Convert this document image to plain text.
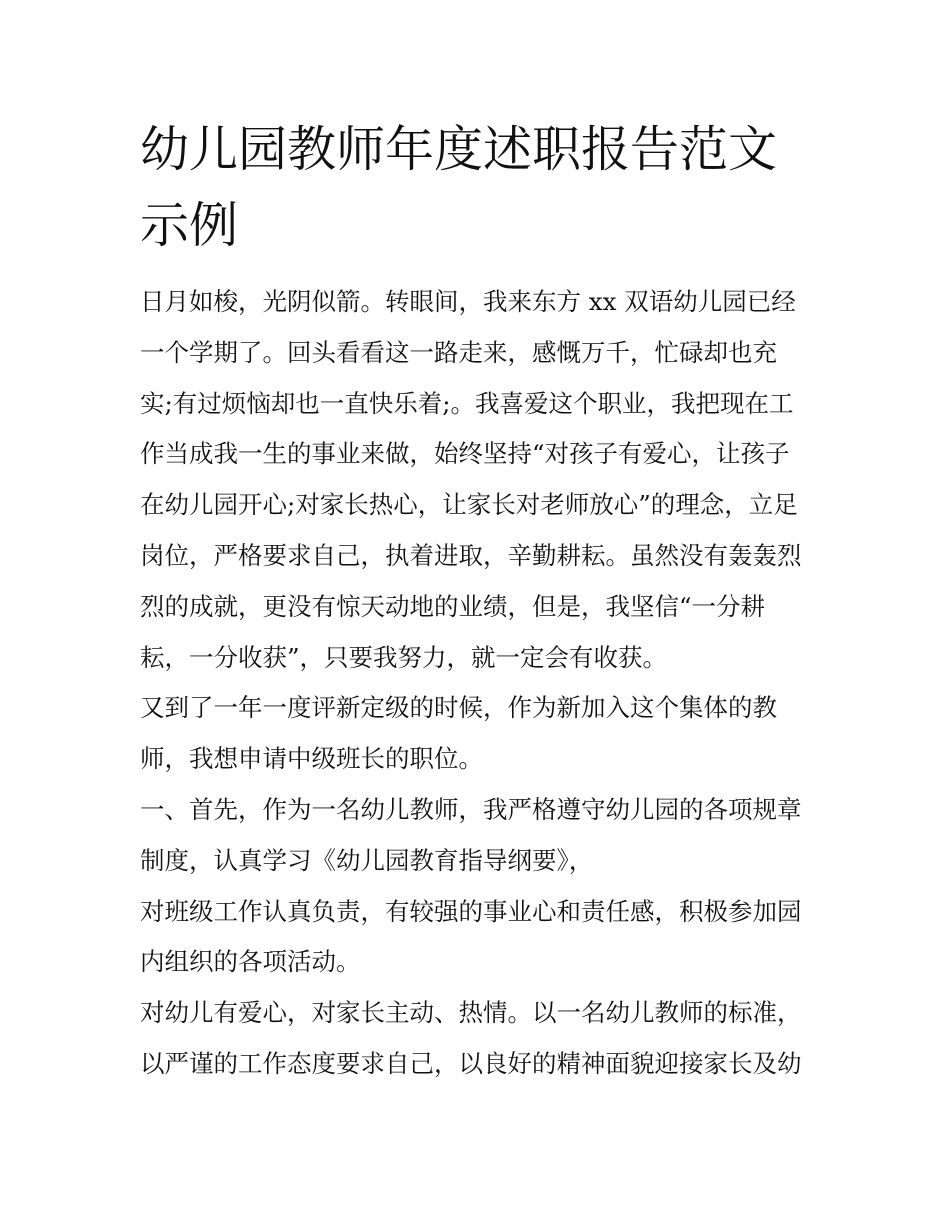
幼儿园教师年度述职报告范文
示例

日月如梭，光阴似箭。转眼间，我来东方 xx 双语幼儿园已经
一个学期了。回头看看这一路走来，感慨万千，忙碌却也充
实;有过烦恼却也一直快乐着;。我喜爱这个职业，我把现在工
作当成我一生的事业来做，始终坚持“对孩子有爱心，让孩子
在幼儿园开心;对家长热心，让家长对老师放心”的理念，立足
岗位，严格要求自己，执着进取，辛勤耕耘。虽然没有轰轰烈
烈的成就，更没有惊天动地的业绩，但是，我坚信“一分耕
耘，一分收获”，只要我努力，就一定会有收获。

又到了一年一度评新定级的时候，作为新加入这个集体的教
师，我想申请中级班长的职位。

一、首先，作为一名幼儿教师，我严格遵守幼儿园的各项规章
制度，认真学习《幼儿园教育指导纲要》，

对班级工作认真负责，有较强的事业心和责任感，积极参加园
内组织的各项活动。

对幼儿有爱心，对家长主动、热情。以一名幼儿教师的标准，
以严谨的工作态度要求自己，以良好的精神面貌迎接家长及幼
